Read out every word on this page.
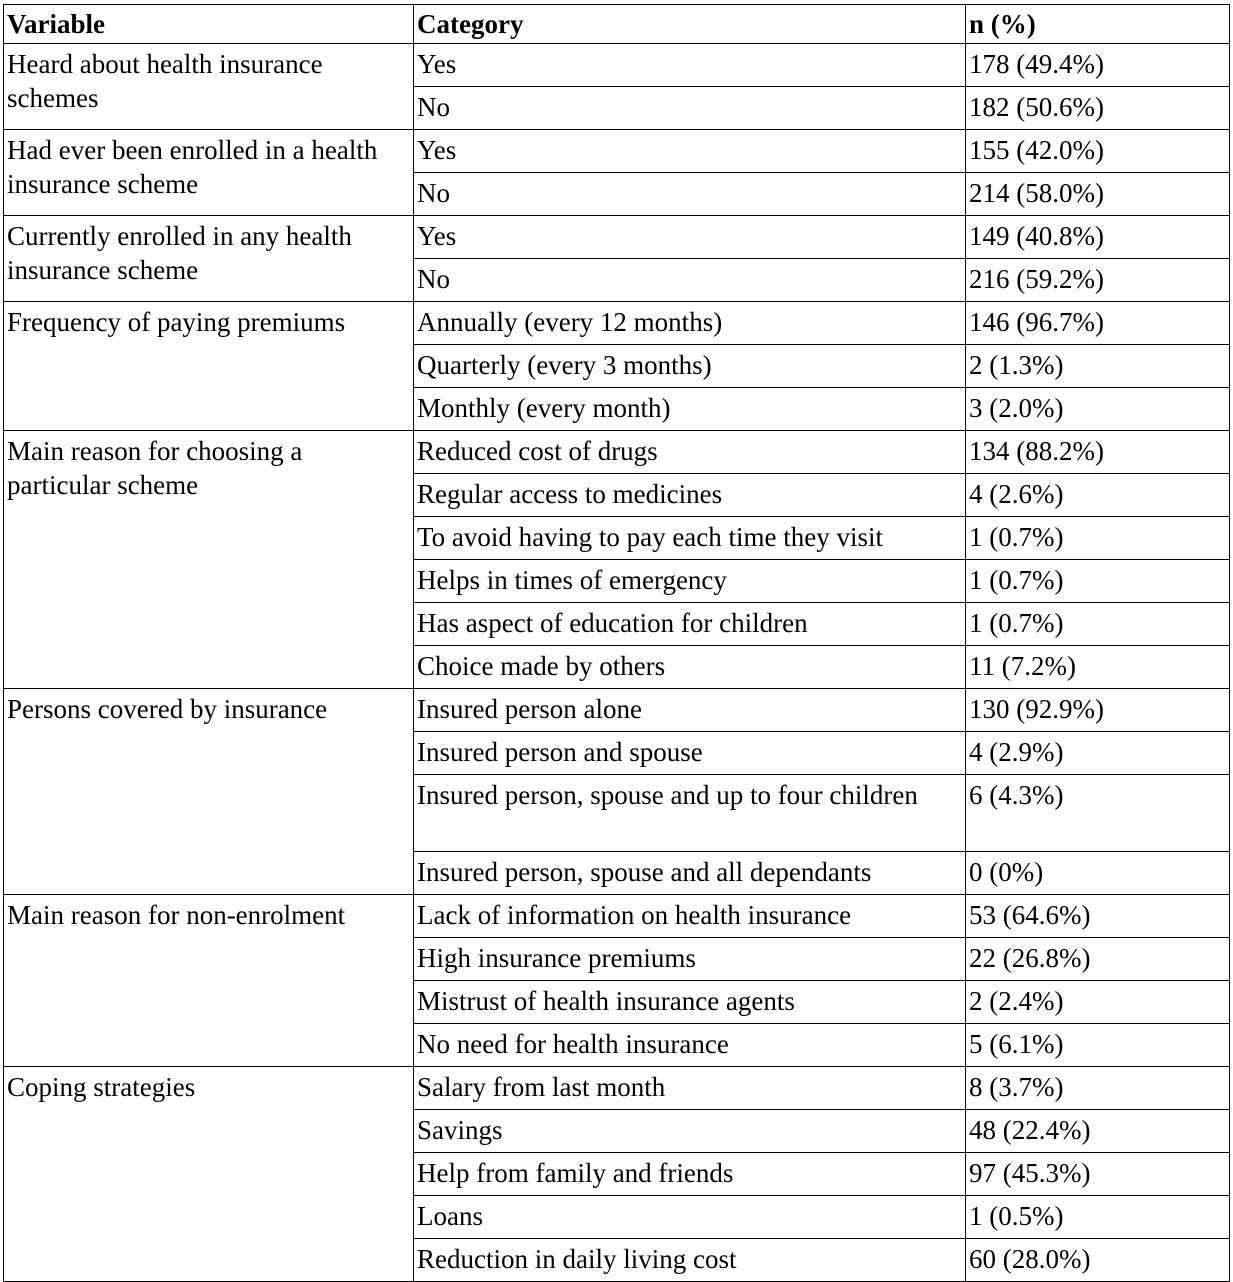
Variable	Category	n (%)
Heard about health insurance schemes	Yes	178 (49.4%)
	No	182 (50.6%)
Had ever been enrolled in a health insurance scheme	Yes	155 (42.0%)
	No	214 (58.0%)
Currently enrolled in any health insurance scheme	Yes	149 (40.8%)
	No	216 (59.2%)
Frequency of paying premiums	Annually (every 12 months)	146 (96.7%)
	Quarterly (every 3 months)	2 (1.3%)
	Monthly (every month)	3 (2.0%)
Main reason for choosing a particular scheme	Reduced cost of drugs	134 (88.2%)
	Regular access to medicines	4 (2.6%)
	To avoid having to pay each time they visit	1 (0.7%)
	Helps in times of emergency	1 (0.7%)
	Has aspect of education for children	1 (0.7%)
	Choice made by others	11 (7.2%)
Persons covered by insurance	Insured person alone	130 (92.9%)
	Insured person and spouse	4 (2.9%)
	Insured person, spouse and up to four children	6 (4.3%)
	Insured person, spouse and all dependants	0 (0%)
Main reason for non-enrolment	Lack of information on health insurance	53 (64.6%)
	High insurance premiums	22 (26.8%)
	Mistrust of health insurance agents	2 (2.4%)
	No need for health insurance	5 (6.1%)
Coping strategies	Salary from last month	8 (3.7%)
	Savings	48 (22.4%)
	Help from family and friends	97 (45.3%)
	Loans	1 (0.5%)
	Reduction in daily living cost	60 (28.0%)
